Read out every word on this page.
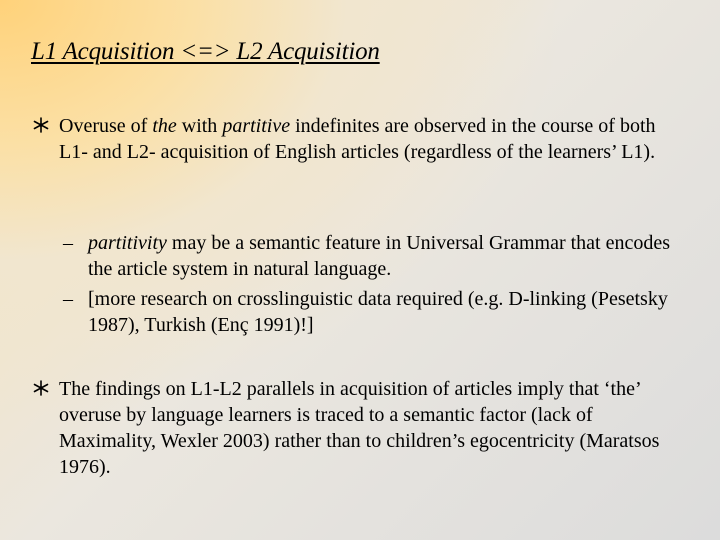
L1 Acquisition <=> L2 Acquisition
Overuse of the with partitive indefinites are observed in the course of both L1- and L2- acquisition of English articles (regardless of the learners’ L1).
– partitivity may be a semantic feature in Universal Grammar that encodes the article system in natural language.
– [more research on crosslinguistic data required (e.g. D-linking (Pesetsky 1987), Turkish (Enç 1991)!]
The findings on L1-L2 parallels in acquisition of articles imply that ‘the’ overuse by language learners is traced to a semantic factor (lack of Maximality, Wexler 2003) rather than to children’s egocentricity (Maratsos 1976).
